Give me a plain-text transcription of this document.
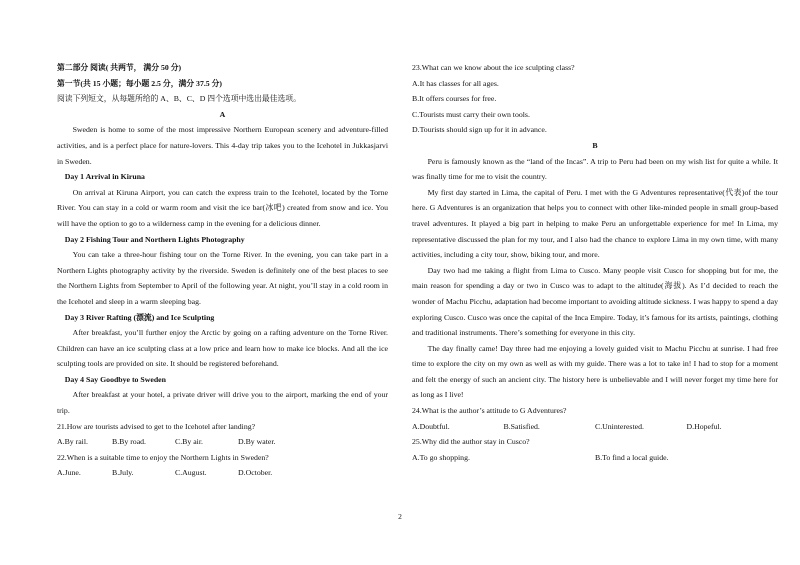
第二部分 阅读( 共两节， 满分 50 分)

第一节(共 15 小题；每小题 2.5 分，满分 37.5 分)

阅读下列短文，从每题所给的 A、B、C、D 四个选项中选出最佳选项。

A

Sweden is home to some of the most impressive Northern European scenery and adventure-filled activities, and is a perfect place for nature-lovers. This 4-day trip takes you to the Icehotel in Jukkasjarvi in Sweden.

Day 1 Arrival in Kiruna

On arrival at Kiruna Airport, you can catch the express train to the Icehotel, located by the Torne River. You can stay in a cold or warm room and visit the ice bar(冰吧) created from snow and ice. You will have the option to go to a wilderness camp in the evening for a delicious dinner.

Day 2 Fishing Tour and Northern Lights Photography

You can take a three-hour fishing tour on the Torne River. In the evening, you can take part in a Northern Lights photography activity by the riverside. Sweden is definitely one of the best places to see the Northern Lights from September to April of the following year. At night, you’ll stay in a cold room in the Icehotel and sleep in a warm sleeping bag.

Day 3 River Rafting (漂流) and Ice Sculpting

After breakfast, you’ll further enjoy the Arctic by going on a rafting adventure on the Torne River. Children can have an ice sculpting class at a low price and learn how to make ice blocks. And all the ice sculpting tools are provided on site. It should be registered beforehand.

Day 4 Say Goodbye to Sweden

After breakfast at your hotel, a private driver will drive you to the airport, marking the end of your trip.

21.How are tourists advised to get to the Icehotel after landing?

A.By rail.	B.By road.	C.By air.	D.By water.

22.When is a suitable time to enjoy the Northern Lights in Sweden?

A.June.	B.July.	C.August.	D.October.

23.What can we know about the ice sculpting class?

A.It has classes for all ages.

B.It offers courses for free.

C.Tourists must carry their own tools.

D.Tourists should sign up for it in advance.

B

Peru is famously known as the “land of the Incas”. A trip to Peru had been on my wish list for quite a while. It was finally time for me to visit the country.

My first day started in Lima, the capital of Peru. I met with the G Adventures representative(代表)of the tour here. G Adventures is an organization that helps you to connect with other like-minded people in small group-based travel adventures. It played a big part in helping to make Peru an unforgettable experience for me! In Lima, my representative discussed the plan for my tour, and I also had the chance to explore Lima in my own time, with many activities, including a city tour, show, biking tour, and more.

Day two had me taking a flight from Lima to Cusco. Many people visit Cusco for shopping but for me, the main reason for spending a day or two in Cusco was to adapt to the altitude(海拔). As I’d decided to reach the wonder of Machu Picchu, adaptation had become important to avoiding altitude sickness. I was happy to spend a day exploring Cusco. Cusco was once the capital of the Inca Empire. Today, it’s famous for its artists, paintings, clothing and traditional instruments. There’s something for everyone in this city.

The day finally came! Day three had me enjoying a lovely guided visit to Machu Picchu at sunrise. I had free time to explore the city on my own as well as with my guide. There was a lot to take in! I had to stop for a moment and felt the energy of such an ancient city. The history here is unbelievable and I will never forget my time here for as long as I live!

24.What is the author’s attitude to G Adventures?

A.Doubtful.	B.Satisfied.	C.Uninterested.	D.Hopeful.

25.Why did the author stay in Cusco?

A.To go shopping.	B.To find a local guide.
2
